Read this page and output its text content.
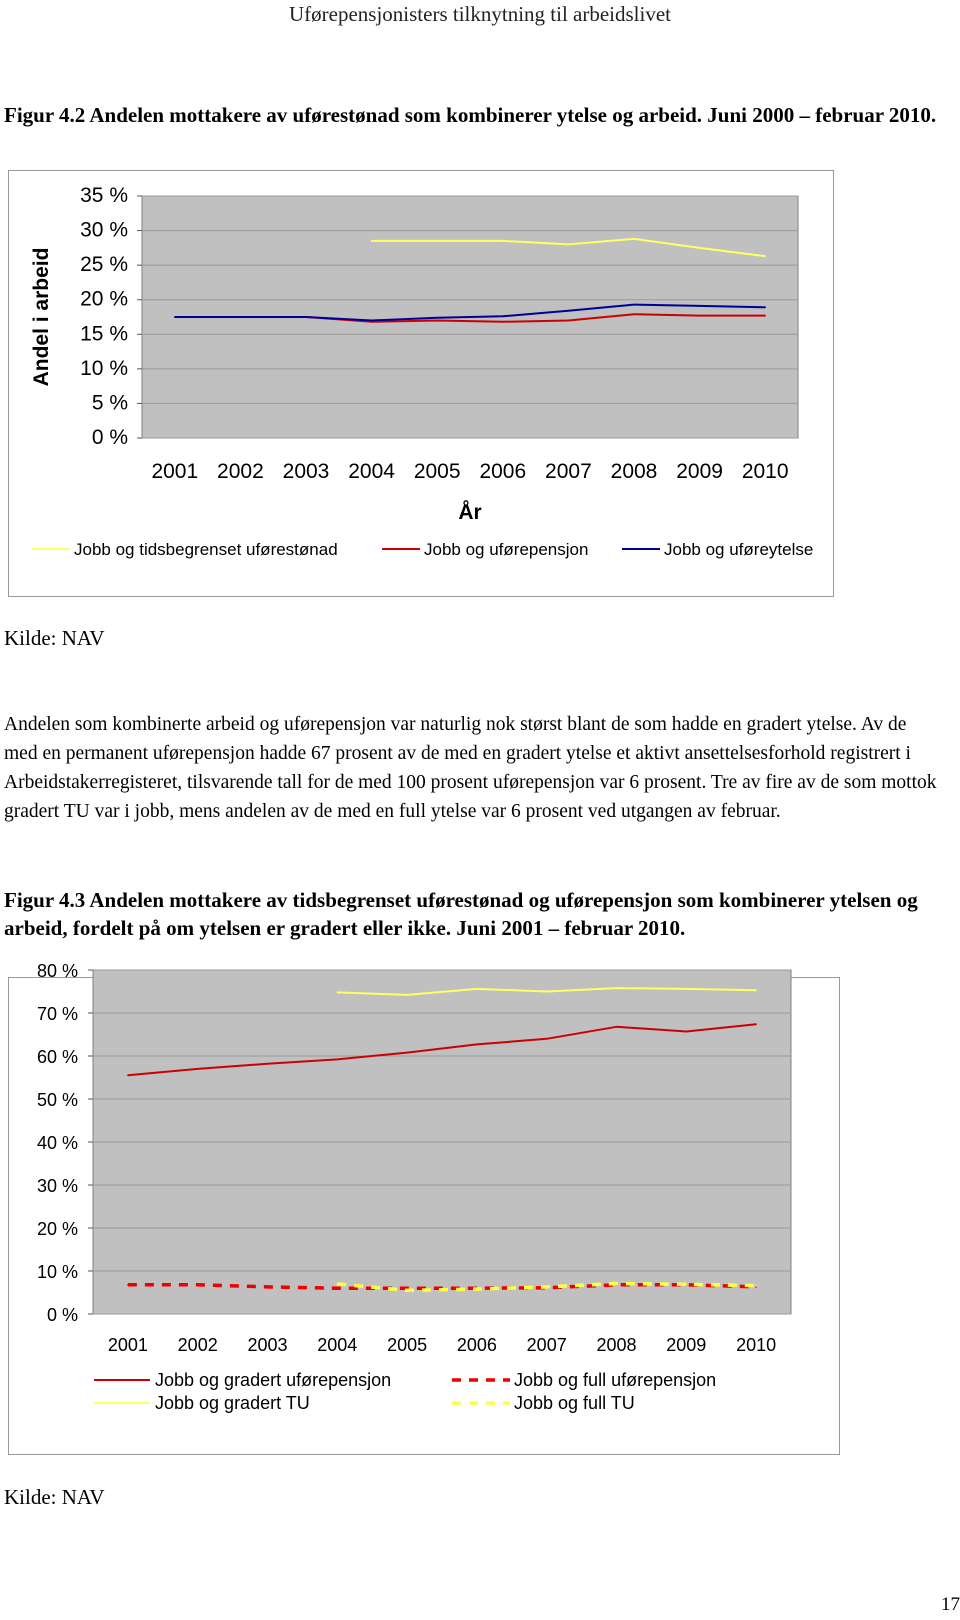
Uførepensjonisters tilknytning til arbeidslivet
Figur 4.2 Andelen mottakere av uførestønad som kombinerer ytelse og arbeid. Juni 2000 – februar 2010.
0 %
5 %
10 %
15 %
20 %
25 %
30 %
35 %
2001 2002 2003 2004 2005 2006 2007 2008 2009 2010
År
Andel i arbeid
Jobb og tidsbegrenset uførestønad	Jobb og uførepensjon	Jobb og uføreytelse
Kilde: NAV
Andelen som kombinerte arbeid og uførepensjon var naturlig nok størst blant de som hadde en gradert ytelse. Av de med en permanent uførepensjon hadde 67 prosent av de med en gradert ytelse et aktivt ansettelsesforhold registrert i Arbeidstakerregisteret, tilsvarende tall for de med 100 prosent uførepensjon var 6 prosent. Tre av fire av de som mottok gradert TU var i jobb, mens andelen av de med en full ytelse var 6 prosent ved utgangen av februar.
Figur 4.3 Andelen mottakere av tidsbegrenset uførestønad og uførepensjon som kombinerer ytelsen og arbeid, fordelt på om ytelsen er gradert eller ikke. Juni 2001 – februar 2010.
0 %
10 %
20 %
30 %
40 %
50 %
60 %
70 %
80 %
2001 2002 2003 2004 2005 2006 2007 2008 2009 2010
Jobb og gradert uførepensjon	Jobb og full uførepensjon
Jobb og gradert TU	Jobb og full TU
Kilde: NAV
17
